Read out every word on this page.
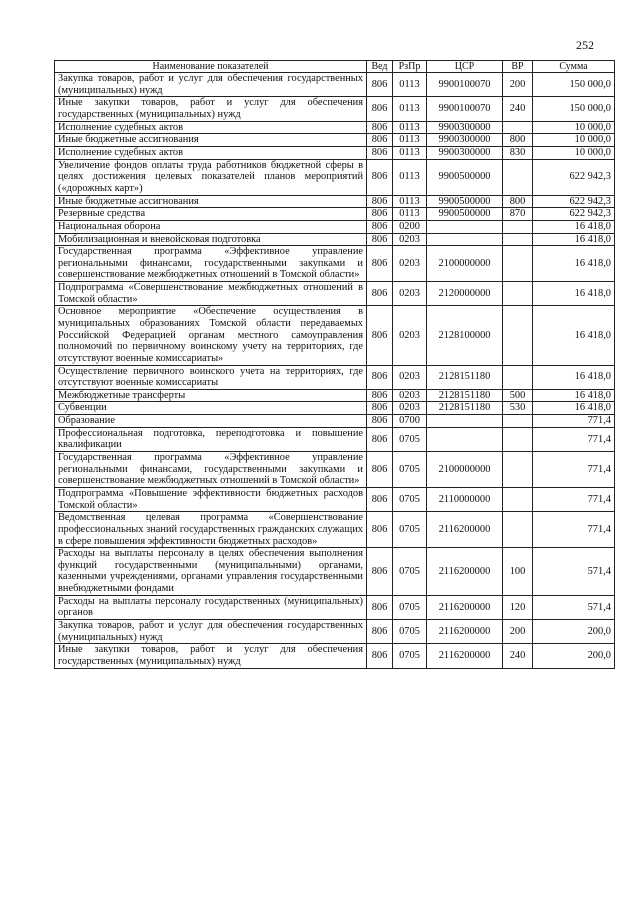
252
Наименование показателей	Вед	РзПр	ЦСР	ВР	Сумма
Закупка товаров, работ и услуг для обеспечения государственных (муниципальных) нужд	806	0113	9900100070	200	150 000,0
Иные закупки товаров, работ и услуг для обеспечения государственных (муниципальных) нужд	806	0113	9900100070	240	150 000,0
Исполнение судебных актов	806	0113	9900300000		10 000,0
Иные бюджетные ассигнования	806	0113	9900300000	800	10 000,0
Исполнение судебных актов	806	0113	9900300000	830	10 000,0
Увеличение фондов оплаты труда работников бюджетной сферы в целях достижения целевых показателей планов мероприятий («дорожных карт»)	806	0113	9900500000		622 942,3
Иные бюджетные ассигнования	806	0113	9900500000	800	622 942,3
Резервные средства	806	0113	9900500000	870	622 942,3
Национальная оборона	806	0200			16 418,0
Мобилизационная и вневойсковая подготовка	806	0203			16 418,0
Государственная программа «Эффективное управление региональными финансами, государственными закупками и совершенствование межбюджетных отношений в Томской области»	806	0203	2100000000		16 418,0
Подпрограмма «Совершенствование межбюджетных отношений в Томской области»	806	0203	2120000000		16 418,0
Основное мероприятие «Обеспечение осуществления в муниципальных образованиях Томской области передаваемых Российской Федерацией органам местного самоуправления полномочий по первичному воинскому учету на территориях, где отсутствуют военные комиссариаты»	806	0203	2128100000		16 418,0
Осуществление первичного воинского учета на территориях, где отсутствуют военные комиссариаты	806	0203	2128151180		16 418,0
Межбюджетные трансферты	806	0203	2128151180	500	16 418,0
Субвенции	806	0203	2128151180	530	16 418,0
Образование	806	0700			771,4
Профессиональная подготовка, переподготовка и повышение квалификации	806	0705			771,4
Государственная программа «Эффективное управление региональными финансами, государственными закупками и совершенствование межбюджетных отношений в Томской области»	806	0705	2100000000		771,4
Подпрограмма «Повышение эффективности бюджетных расходов Томской области»	806	0705	2110000000		771,4
Ведомственная целевая программа «Совершенствование профессиональных знаний государственных гражданских служащих в сфере повышения эффективности бюджетных расходов»	806	0705	2116200000		771,4
Расходы на выплаты персоналу в целях обеспечения выполнения функций государственными (муниципальными) органами, казенными учреждениями, органами управления государственными внебюджетными фондами	806	0705	2116200000	100	571,4
Расходы на выплаты персоналу государственных (муниципальных) органов	806	0705	2116200000	120	571,4
Закупка товаров, работ и услуг для обеспечения государственных (муниципальных) нужд	806	0705	2116200000	200	200,0
Иные закупки товаров, работ и услуг для обеспечения государственных (муниципальных) нужд	806	0705	2116200000	240	200,0
